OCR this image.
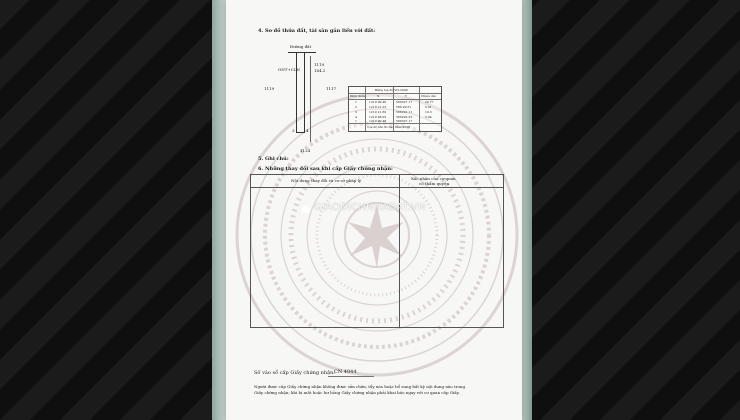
4. Sơ đồ thửa đất, tài sản gắn liền với đất:
Đường đất
ONT+CLN
1119
164.2
1119	1117
1124
3	4
Bảng tọa độ VN-2000
Đỉnh thửa	X	Y	Chiều dài
1	1219 99.48	586327.17	20.77
2	1219 21.23	586 99.51	5.01
3	1219 21.89	586291.11	19.3
4	1219 98.05	586293.35	5.04
1	1219 99.48	586327.17
Tọa độ khi đo đạc năm 2020
5. Ghi chú:
6. Những thay đổi sau khi cấp Giấy chứng nhận:
Nội dung thay đổi và cơ sở pháp lý	Xác nhận của cơ quan
có thẩm quyền
GIAODICHNHADAT.VN
Số vào sổ cấp Giấy chứng nhận: CN 4044
Người được cấp Giấy chứng nhận không được sửa chữa, tẩy xóa hoặc bổ sung bất kỳ nội dung nào trong
Giấy chứng nhận; khi bị mất hoặc hư hỏng Giấy chứng nhận phải khai báo ngay với cơ quan cấp Giấy.
